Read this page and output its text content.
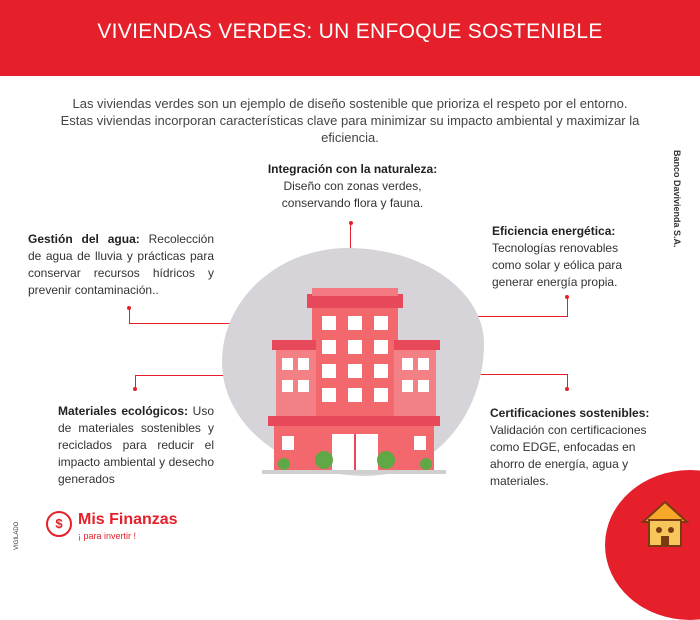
VIVIENDAS VERDES: UN ENFOQUE SOSTENIBLE
Las viviendas verdes son un ejemplo de diseño sostenible que prioriza el respeto por el entorno. Estas viviendas incorporan características clave para minimizar su impacto ambiental y maximizar la eficiencia.
Banco Davivienda S.A.
Integración con la naturaleza:
Diseño con zonas verdes, conservando flora y fauna.
Gestión del agua: Recolección de agua de lluvia y prácticas para conservar recursos hídricos y prevenir contaminación..
Eficiencia energética:
Tecnologías renovables como solar y eólica para generar energía propia.
Materiales ecológicos: Uso de materiales sostenibles y reciclados para reducir el impacto ambiental y desecho generados
Certificaciones sostenibles:
Validación con certificaciones como EDGE, enfocadas en ahorro de energía, agua y materiales.
VIGILADO	$ Mis Finanzas
¡ para invertir !
